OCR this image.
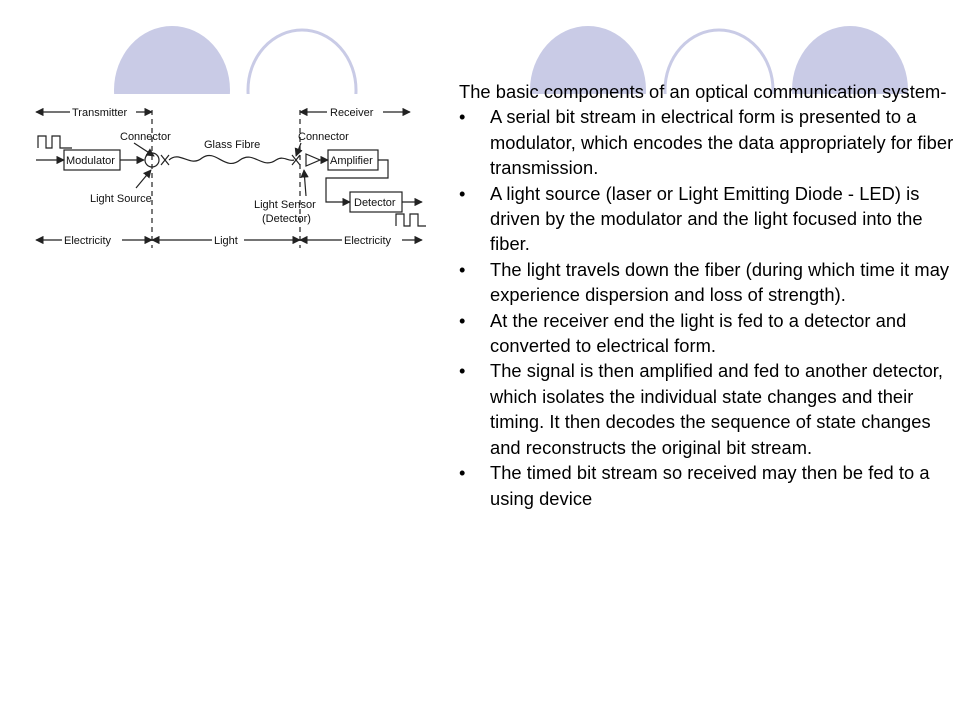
Transmitter	Receiver
Connector	Connector
Glass Fibre
Modulator	Amplifier
Detector
Light Source	Light Sensor
(Detector)
Electricity	Light	Electricity

The basic components of an optical communication system-

• A serial bit stream in electrical form is presented to a modulator, which encodes the data appropriately for fiber transmission.
• A light source (laser or Light Emitting Diode - LED) is driven by the modulator and the light focused into the fiber.
• The light travels down the fiber (during which time it may experience dispersion and loss of strength).
• At the receiver end the light is fed to a detector and converted to electrical form.
• The signal is then amplified and fed to another detector, which isolates the individual state changes and their timing. It then decodes the sequence of state changes and reconstructs the original bit stream.
• The timed bit stream so received may then be fed to a using device
